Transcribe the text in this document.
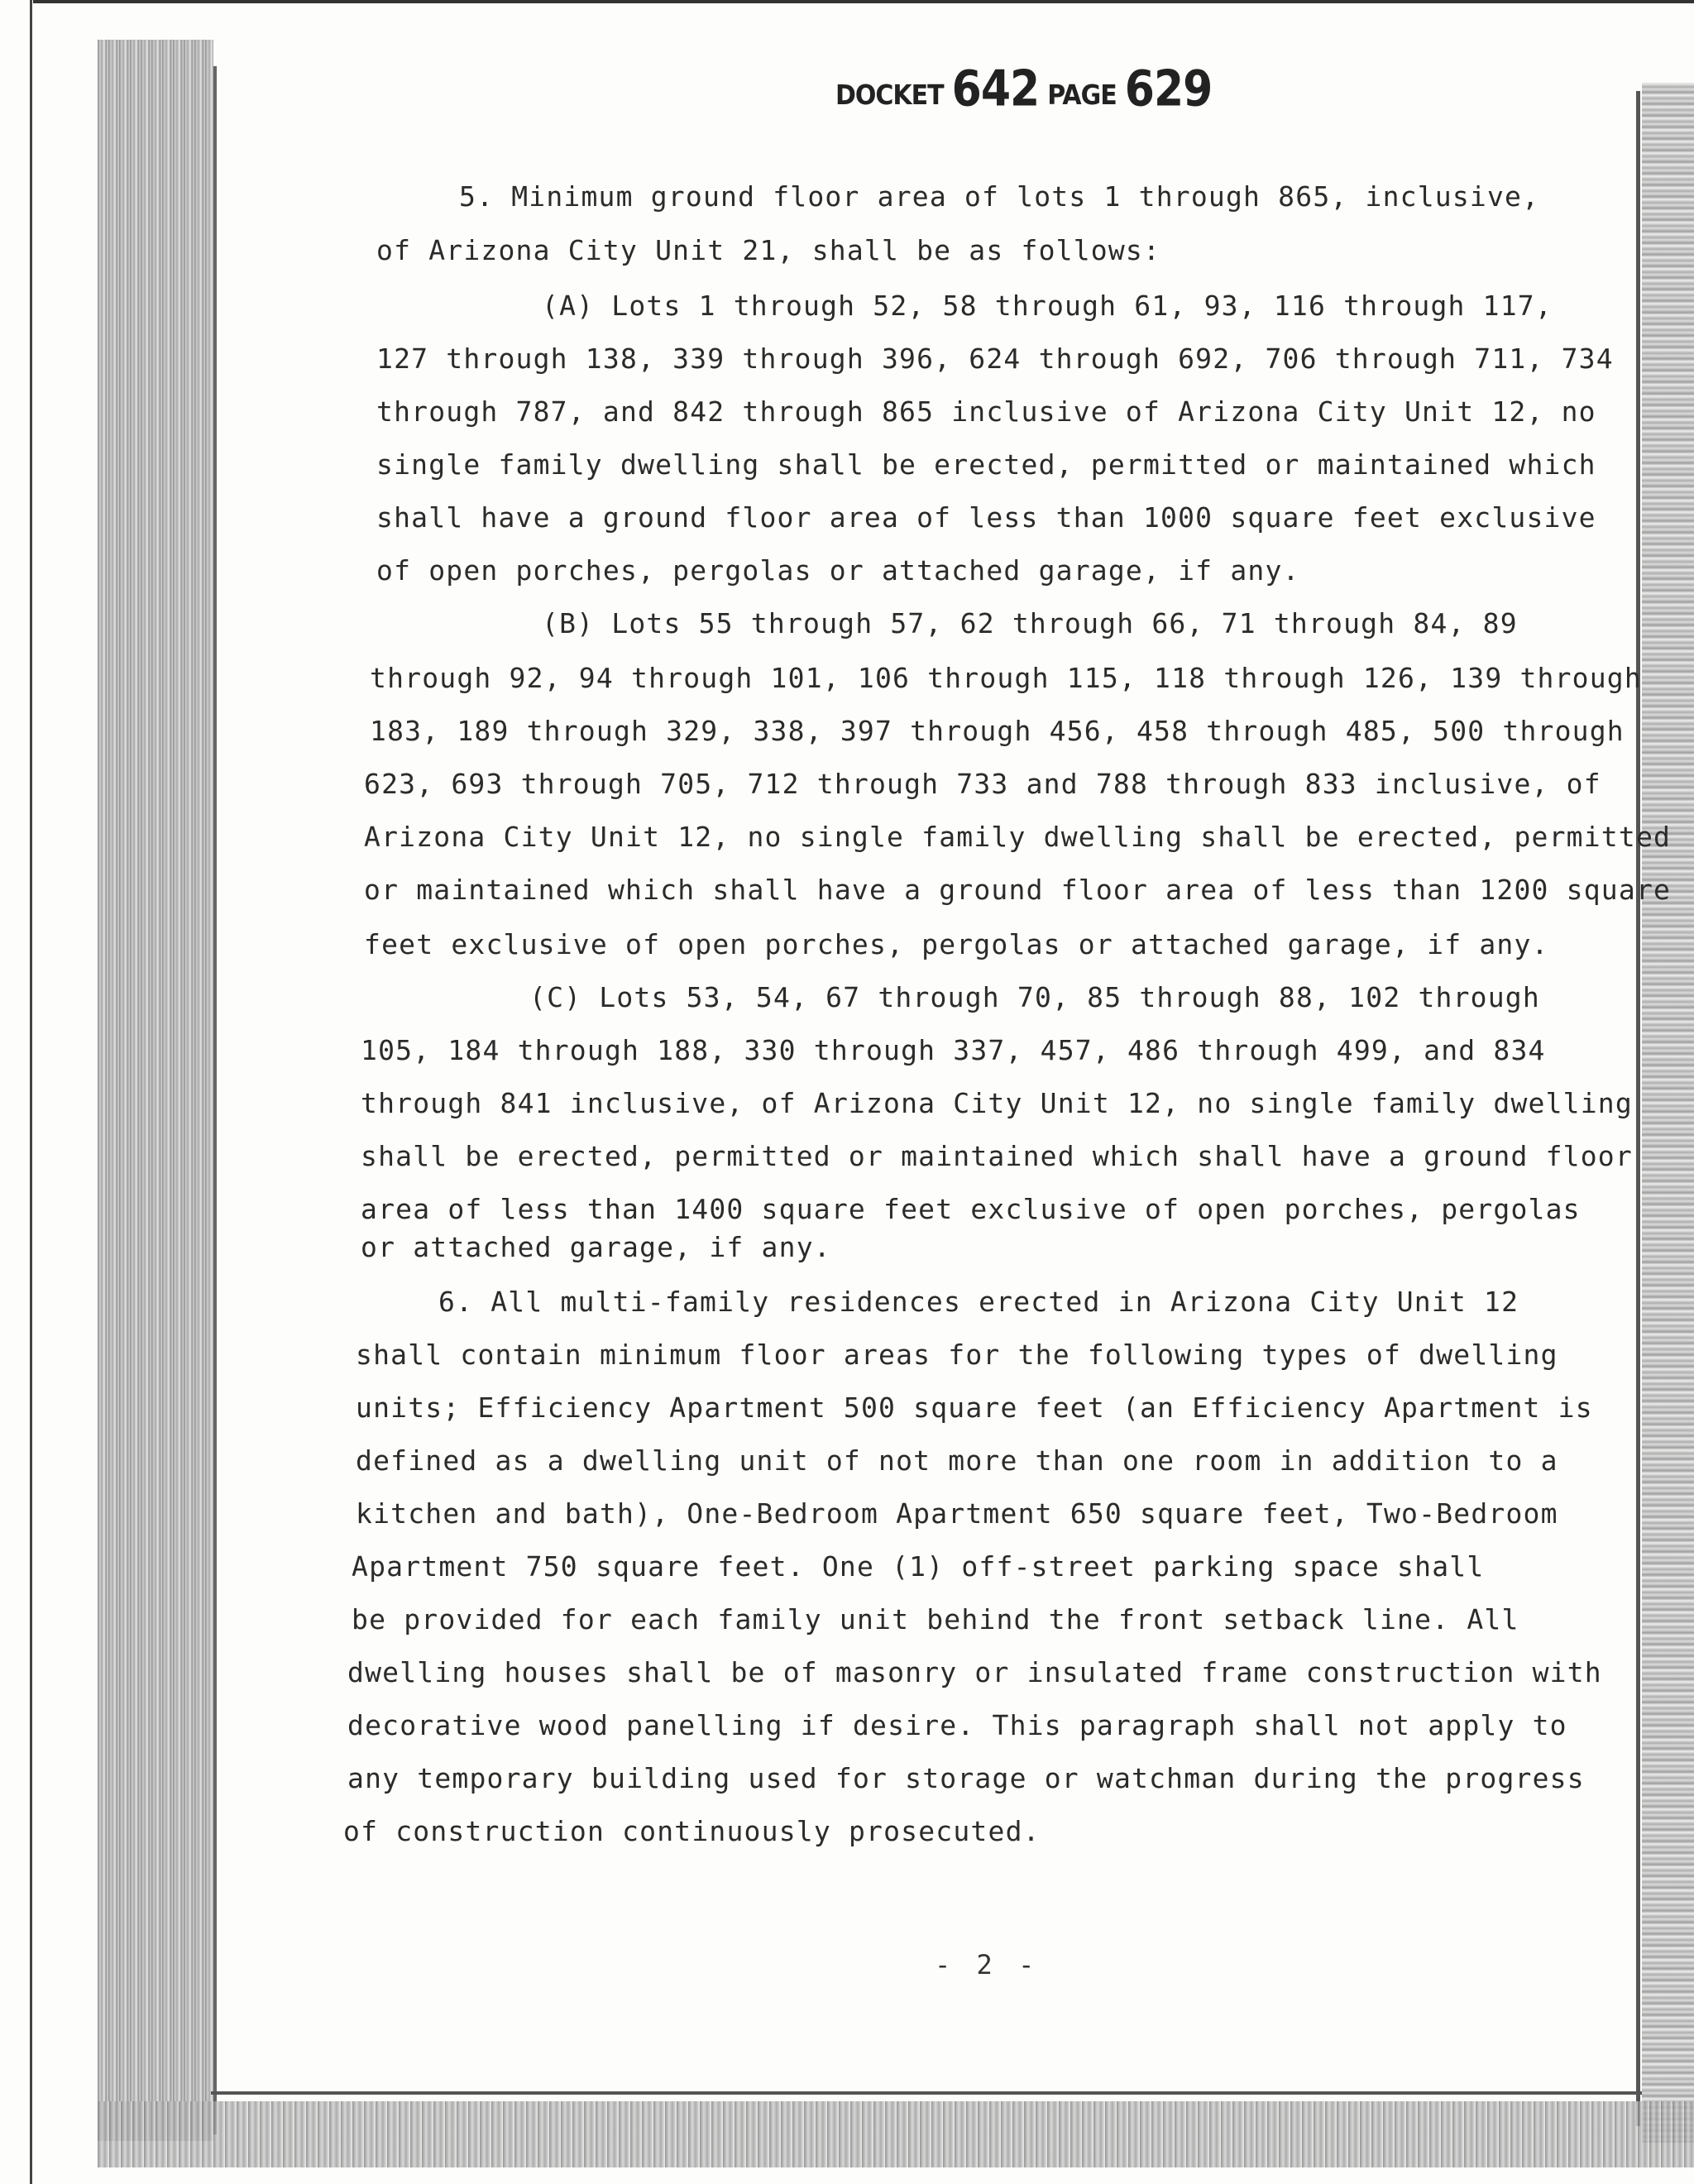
DOCKET 642 PAGE 629
5. Minimum ground floor area of lots 1 through 865, inclusive,
of Arizona City Unit 21, shall be as follows:
(A) Lots 1 through 52, 58 through 61, 93, 116 through 117,
127 through 138, 339 through 396, 624 through 692, 706 through 711, 734
through 787, and 842 through 865 inclusive of Arizona City Unit 12, no
single family dwelling shall be erected, permitted or maintained which
shall have a ground floor area of less than 1000 square feet exclusive
of open porches, pergolas or attached garage, if any.
(B) Lots 55 through 57, 62 through 66, 71 through 84, 89
through 92, 94 through 101, 106 through 115, 118 through 126, 139 through
183, 189 through 329, 338, 397 through 456, 458 through 485, 500 through
623, 693 through 705, 712 through 733 and 788 through 833 inclusive, of
Arizona City Unit 12, no single family dwelling shall be erected, permitted
or maintained which shall have a ground floor area of less than 1200 square
feet exclusive of open porches, pergolas or attached garage, if any.
(C) Lots 53, 54, 67 through 70, 85 through 88, 102 through
105, 184 through 188, 330 through 337, 457, 486 through 499, and 834
through 841 inclusive, of Arizona City Unit 12, no single family dwelling
shall be erected, permitted or maintained which shall have a ground floor
area of less than 1400 square feet exclusive of open porches, pergolas
or attached garage, if any.
6. All multi-family residences erected in Arizona City Unit 12
shall contain minimum floor areas for the following types of dwelling
units; Efficiency Apartment 500 square feet (an Efficiency Apartment is
defined as a dwelling unit of not more than one room in addition to a
kitchen and bath), One-Bedroom Apartment 650 square feet, Two-Bedroom
Apartment 750 square feet. One (1) off-street parking space shall
be provided for each family unit behind the front setback line. All
dwelling houses shall be of masonry or insulated frame construction with
decorative wood panelling if desire. This paragraph shall not apply to
any temporary building used for storage or watchman during the progress
of construction continuously prosecuted.
- 2 -
